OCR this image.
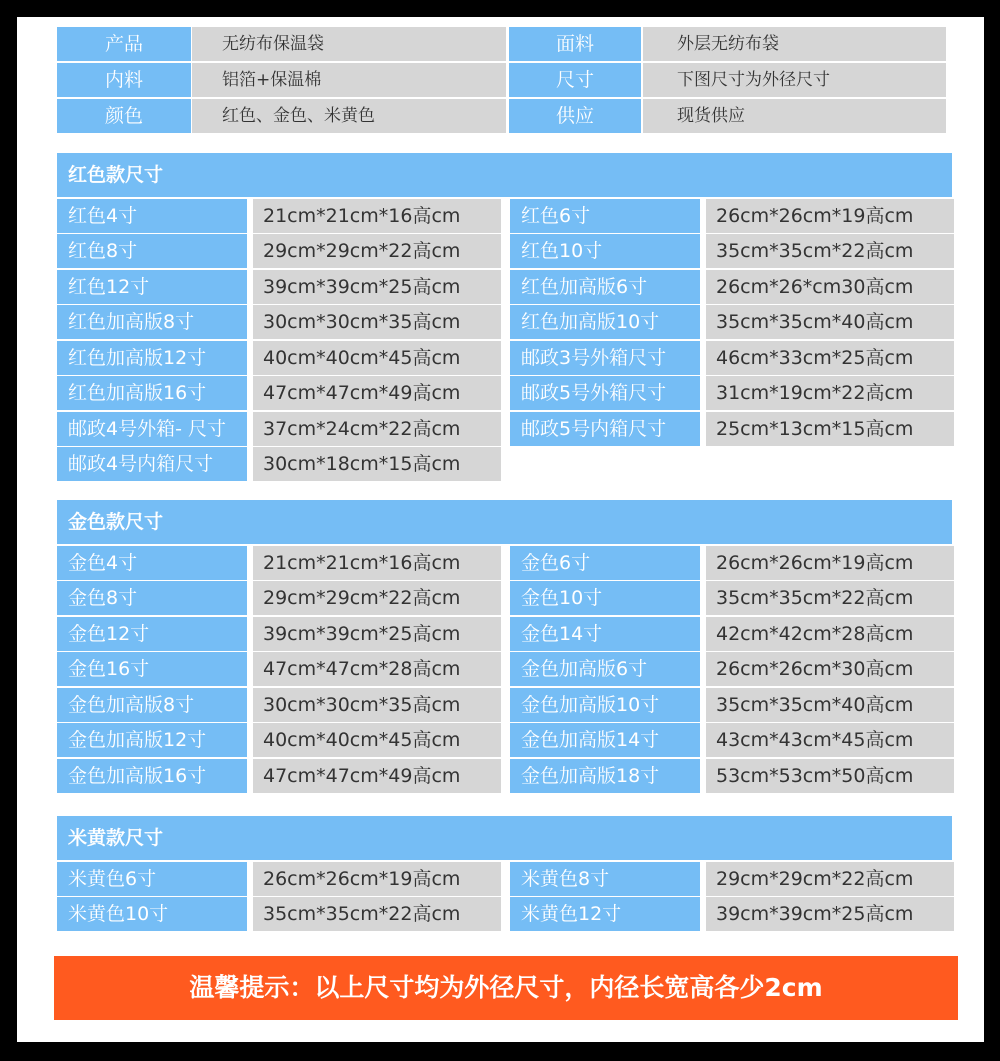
产品	无纺布保温袋	面料	外层无纺布袋
内料	铝箔+保温棉	尺寸	下图尺寸为外径尺寸
颜色	红色、金色、米黄色	供应	现货供应
红色款尺寸
红色4寸	21cm*21cm*16高cm	红色6寸	26cm*26cm*19高cm
红色8寸	29cm*29cm*22高cm	红色10寸	35cm*35cm*22高cm
红色12寸	39cm*39cm*25高cm	红色加高版6寸	26cm*26*cm30高cm
红色加高版8寸	30cm*30cm*35高cm	红色加高版10寸	35cm*35cm*40高cm
红色加高版12寸	40cm*40cm*45高cm	邮政3号外箱尺寸	46cm*33cm*25高cm
红色加高版16寸	47cm*47cm*49高cm	邮政5号外箱尺寸	31cm*19cm*22高cm
邮政4号外箱- 尺寸	37cm*24cm*22高cm	邮政5号内箱尺寸	25cm*13cm*15高cm
邮政4号内箱尺寸	30cm*18cm*15高cm
金色款尺寸
金色4寸	21cm*21cm*16高cm	金色6寸	26cm*26cm*19高cm
金色8寸	29cm*29cm*22高cm	金色10寸	35cm*35cm*22高cm
金色12寸	39cm*39cm*25高cm	金色14寸	42cm*42cm*28高cm
金色16寸	47cm*47cm*28高cm	金色加高版6寸	26cm*26cm*30高cm
金色加高版8寸	30cm*30cm*35高cm	金色加高版10寸	35cm*35cm*40高cm
金色加高版12寸	40cm*40cm*45高cm	金色加高版14寸	43cm*43cm*45高cm
金色加高版16寸	47cm*47cm*49高cm	金色加高版18寸	53cm*53cm*50高cm
米黄款尺寸
米黄色6寸	26cm*26cm*19高cm	米黄色8寸	29cm*29cm*22高cm
米黄色10寸	35cm*35cm*22高cm	米黄色12寸	39cm*39cm*25高cm
温馨提示：以上尺寸均为外径尺寸，内径长宽高各少2cm
